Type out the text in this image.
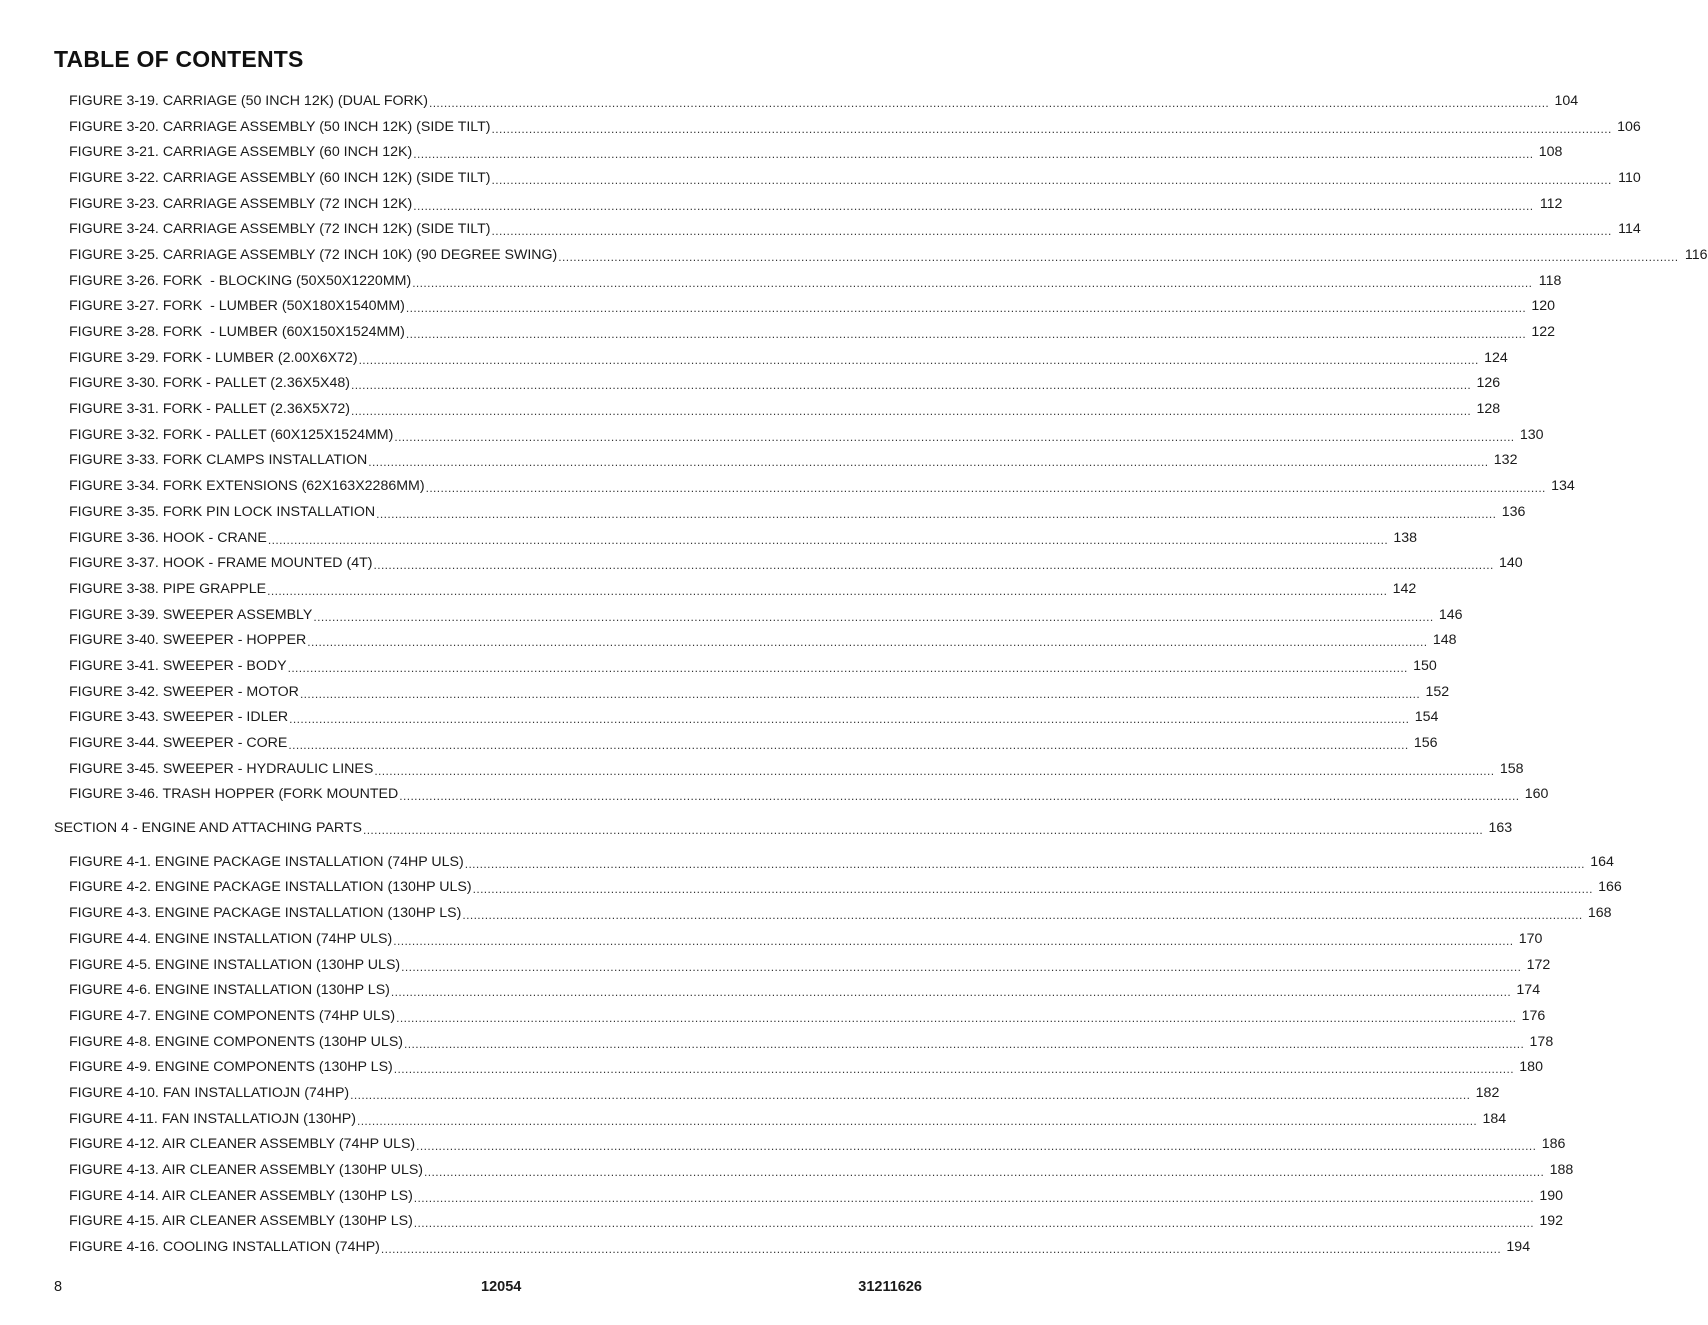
TABLE OF CONTENTS
FIGURE 3-19. CARRIAGE (50 INCH 12K) (DUAL FORK) ............................................................................................................................................................................................................................................................................................................ 104
FIGURE 3-20. CARRIAGE ASSEMBLY (50 INCH 12K) (SIDE TILT) ............................................................................................................................................................................................................................................................................................................ 106
FIGURE 3-21. CARRIAGE ASSEMBLY (60 INCH 12K) ............................................................................................................................................................................................................................................................................................................ 108
FIGURE 3-22. CARRIAGE ASSEMBLY (60 INCH 12K) (SIDE TILT) ............................................................................................................................................................................................................................................................................................................ 110
FIGURE 3-23. CARRIAGE ASSEMBLY (72 INCH 12K) ............................................................................................................................................................................................................................................................................................................ 112
FIGURE 3-24. CARRIAGE ASSEMBLY (72 INCH 12K) (SIDE TILT) ............................................................................................................................................................................................................................................................................................................ 114
FIGURE 3-25. CARRIAGE ASSEMBLY (72 INCH 10K) (90 DEGREE SWING) ............................................................................................................................................................................................................................................................................................................ 116
FIGURE 3-26. FORK  - BLOCKING (50X50X1220MM) ............................................................................................................................................................................................................................................................................................................ 118
FIGURE 3-27. FORK  - LUMBER (50X180X1540MM) ............................................................................................................................................................................................................................................................................................................ 120
FIGURE 3-28. FORK  - LUMBER (60X150X1524MM) ............................................................................................................................................................................................................................................................................................................ 122
FIGURE 3-29. FORK - LUMBER (2.00X6X72) ............................................................................................................................................................................................................................................................................................................ 124
FIGURE 3-30. FORK - PALLET (2.36X5X48) ............................................................................................................................................................................................................................................................................................................ 126
FIGURE 3-31. FORK - PALLET (2.36X5X72) ............................................................................................................................................................................................................................................................................................................ 128
FIGURE 3-32. FORK - PALLET (60X125X1524MM) ............................................................................................................................................................................................................................................................................................................ 130
FIGURE 3-33. FORK CLAMPS INSTALLATION ............................................................................................................................................................................................................................................................................................................ 132
FIGURE 3-34. FORK EXTENSIONS (62X163X2286MM) ............................................................................................................................................................................................................................................................................................................ 134
FIGURE 3-35. FORK PIN LOCK INSTALLATION ............................................................................................................................................................................................................................................................................................................ 136
FIGURE 3-36. HOOK - CRANE ............................................................................................................................................................................................................................................................................................................ 138
FIGURE 3-37. HOOK - FRAME MOUNTED (4T) ............................................................................................................................................................................................................................................................................................................ 140
FIGURE 3-38. PIPE GRAPPLE ............................................................................................................................................................................................................................................................................................................ 142
FIGURE 3-39. SWEEPER ASSEMBLY ............................................................................................................................................................................................................................................................................................................ 146
FIGURE 3-40. SWEEPER - HOPPER ............................................................................................................................................................................................................................................................................................................ 148
FIGURE 3-41. SWEEPER - BODY ............................................................................................................................................................................................................................................................................................................ 150
FIGURE 3-42. SWEEPER - MOTOR ............................................................................................................................................................................................................................................................................................................ 152
FIGURE 3-43. SWEEPER - IDLER ............................................................................................................................................................................................................................................................................................................ 154
FIGURE 3-44. SWEEPER - CORE ............................................................................................................................................................................................................................................................................................................ 156
FIGURE 3-45. SWEEPER - HYDRAULIC LINES ............................................................................................................................................................................................................................................................................................................ 158
FIGURE 3-46. TRASH HOPPER (FORK MOUNTED ............................................................................................................................................................................................................................................................................................................ 160
SECTION 4 - ENGINE AND ATTACHING PARTS ............................................................................................................................................................................................................................................................................................................ 163
FIGURE 4-1. ENGINE PACKAGE INSTALLATION (74HP ULS) ............................................................................................................................................................................................................................................................................................................ 164
FIGURE 4-2. ENGINE PACKAGE INSTALLATION (130HP ULS) ............................................................................................................................................................................................................................................................................................................ 166
FIGURE 4-3. ENGINE PACKAGE INSTALLATION (130HP LS) ............................................................................................................................................................................................................................................................................................................ 168
FIGURE 4-4. ENGINE INSTALLATION (74HP ULS) ............................................................................................................................................................................................................................................................................................................ 170
FIGURE 4-5. ENGINE INSTALLATION (130HP ULS) ............................................................................................................................................................................................................................................................................................................ 172
FIGURE 4-6. ENGINE INSTALLATION (130HP LS) ............................................................................................................................................................................................................................................................................................................ 174
FIGURE 4-7. ENGINE COMPONENTS (74HP ULS) ............................................................................................................................................................................................................................................................................................................ 176
FIGURE 4-8. ENGINE COMPONENTS (130HP ULS) ............................................................................................................................................................................................................................................................................................................ 178
FIGURE 4-9. ENGINE COMPONENTS (130HP LS) ............................................................................................................................................................................................................................................................................................................ 180
FIGURE 4-10. FAN INSTALLATIOJN (74HP) ............................................................................................................................................................................................................................................................................................................ 182
FIGURE 4-11. FAN INSTALLATIOJN (130HP) ............................................................................................................................................................................................................................................................................................................ 184
FIGURE 4-12. AIR CLEANER ASSEMBLY (74HP ULS) ............................................................................................................................................................................................................................................................................................................ 186
FIGURE 4-13. AIR CLEANER ASSEMBLY (130HP ULS) ............................................................................................................................................................................................................................................................................................................ 188
FIGURE 4-14. AIR CLEANER ASSEMBLY (130HP LS) ............................................................................................................................................................................................................................................................................................................ 190
FIGURE 4-15. AIR CLEANER ASSEMBLY (130HP LS) ............................................................................................................................................................................................................................................................................................................ 192
FIGURE 4-16. COOLING INSTALLATION (74HP) ............................................................................................................................................................................................................................................................................................................ 194
8	12054	31211626
